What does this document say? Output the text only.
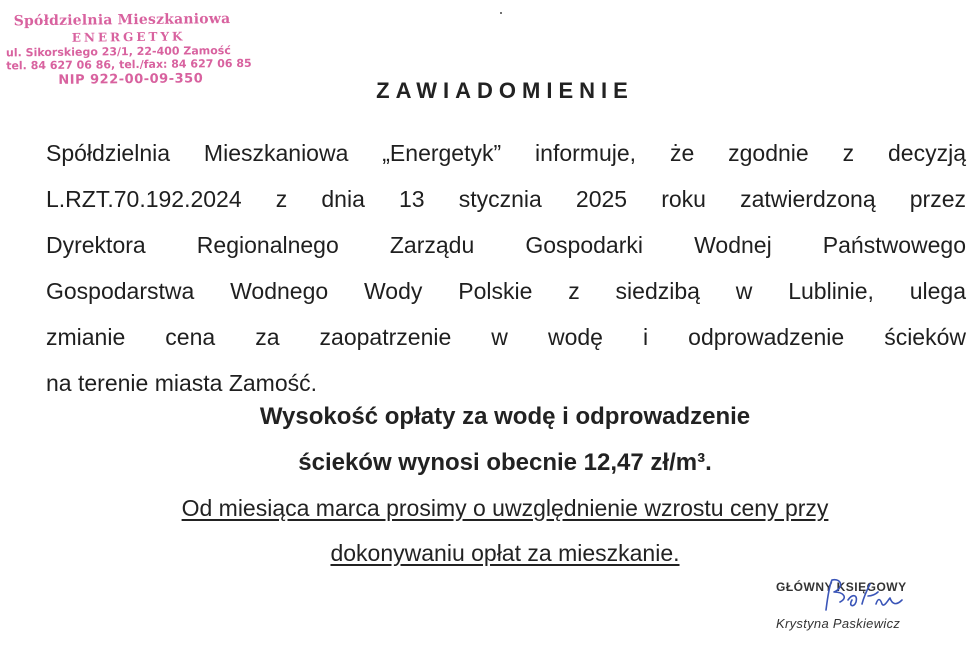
Spółdzielnia Mieszkaniowa
ENERGETYK
ul. Sikorskiego 23/1, 22-400 Zamość
tel. 84 627 06 86, tel./fax: 84 627 06 85
NIP 922-00-09-350	ZAWIADOMIENIE
Spółdzielnia Mieszkaniowa „Energetyk” informuje, że zgodnie z decyzją
L.RZT.70.192.2024 z dnia 13 stycznia 2025 roku zatwierdzoną przez
Dyrektora Regionalnego Zarządu Gospodarki Wodnej Państwowego
Gospodarstwa Wodnego Wody Polskie z siedzibą w Lublinie, ulega
zmianie cena za zaopatrzenie w wodę i odprowadzenie ścieków
na terenie miasta Zamość.
Wysokość opłaty za wodę i odprowadzenie
ścieków wynosi obecnie 12,47 zł/m³.
Od miesiąca marca prosimy o uwzględnienie wzrostu ceny przy
dokonywaniu opłat za mieszkanie.
GŁÓWNY KSIĘGOWY
Krystyna Paskiewicz
